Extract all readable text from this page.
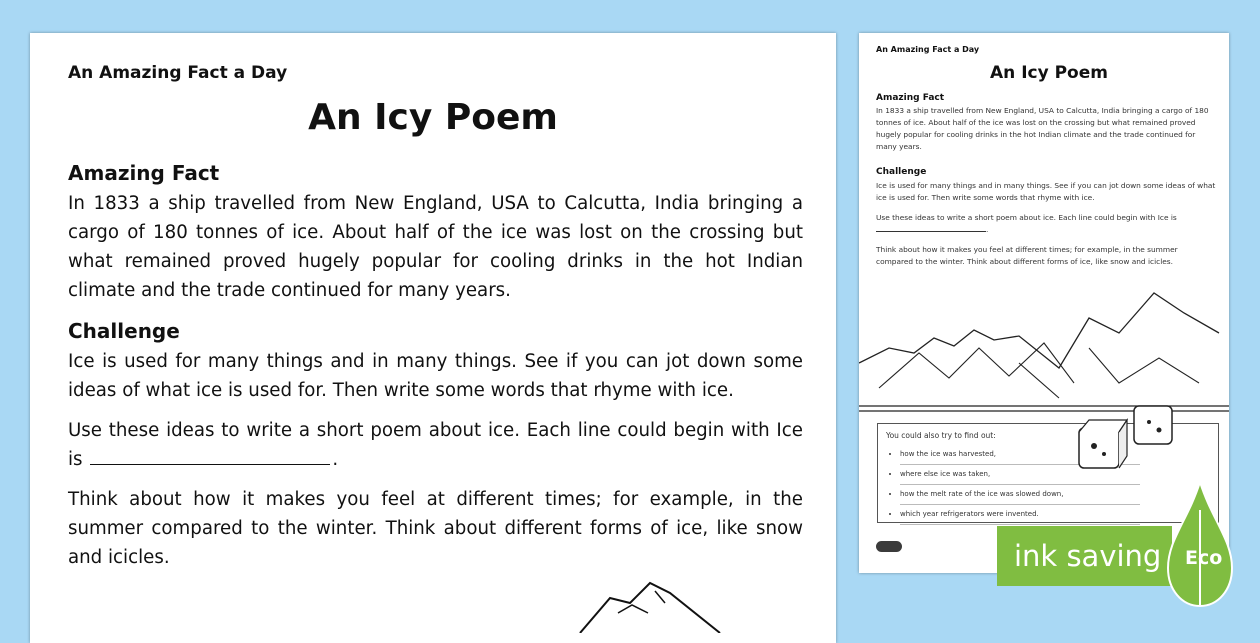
An Amazing Fact a Day
An Icy Poem
Amazing Fact

In 1833 a ship travelled from New England, USA to Calcutta, India bringing a cargo of 180 tonnes of ice. About half of the ice was lost on the crossing but what remained proved hugely popular for cooling drinks in the hot Indian climate and the trade continued for many years.

Challenge

Ice is used for many things and in many things. See if you can jot down some ideas of what ice is used for. Then write some words that rhyme with ice.

Use these ideas to write a short poem about ice. Each line could begin with Ice is	.

Think about how it makes you feel at different times; for example, in the summer compared to the winter. Think about different forms of ice, like snow and icicles.

An Amazing Fact a Day
An Icy Poem
Amazing Fact

In 1833 a ship travelled from New England, USA to Calcutta, India bringing a cargo of 180 tonnes of ice. About half of the ice was lost on the crossing but what remained proved hugely popular for cooling drinks in the hot Indian climate and the trade continued for many years.

Challenge

Ice is used for many things and in many things. See if you can jot down some ideas of what ice is used for. Then write some words that rhyme with ice.

Use these ideas to write a short poem about ice. Each line could begin with Ice is .

Think about how it makes you feel at different times; for example, in the summer compared to the winter. Think about different forms of ice, like snow and icicles.

You could also try to find out:
• how the ice was harvested,
• where else ice was taken,
• how the melt rate of the ice was slowed down,
• which year refrigerators were invented.
ink saving	Eco
